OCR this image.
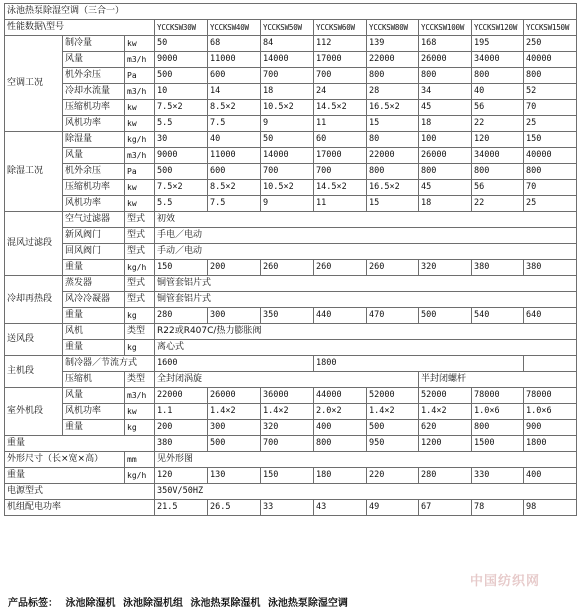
泳池热泵除湿空调（三合一）											
性能数据\型号			YCCKSW30W	YCCKSW40W	YCCKSW50W	YCCKSW60W	YCCKSW80W	YCCKSW100W	YCCKSW120W	YCCKSW150W	
空调工况	制冷量	kw	50	68	84	112	139	168	195	250	
	风量	m3/h	9000	11000	14000	17000	22000	26000	34000	40000	
	机外余压	Pa	500	600	700	700	800	800	800	800	
	冷却水流量	m3/h	10	14	18	24	28	34	40	52	
	压缩机功率	kw	7.5×2	8.5×2	10.5×2	14.5×2	16.5×2	45	56	70	
	风机功率	kw	5.5	7.5	9	11	15	18	22	25	
除湿工况	除湿量	kg/h	30	40	50	60	80	100	120	150	
	风量	m3/h	9000	11000	14000	17000	22000	26000	34000	40000	
	机外余压	Pa	500	600	700	700	800	800	800	800	
	压缩机功率	kw	7.5×2	8.5×2	10.5×2	14.5×2	16.5×2	45	56	70	
	风机功率	kw	5.5	7.5	9	11	15	18	22	25	
混风过滤段	空气过滤器	型式	初效								
	新风阀门	型式	手电／电动								
	回风阀门	型式	手动／电动								
	重量	kg/h	150	200	260	260	260	320	380	380	
冷却再热段	蒸发器	型式	铜管套铝片式								
	风冷冷凝器	型式	铜管套铝片式								
	重量	kg	280	300	350	440	470	500	540	640	
送风段	风机	类型	R22或R407C/热力膨胀阀								
	重量	kg	离心式								
主机段	制冷器／节流方式		1600			1800		
	压缩机	类型	全封闭涡旋					半封闭螺杆			
室外机段	风量	m3/h	22000	26000	36000	44000	52000	52000	78000	78000	
	风机功率	kw	1.1	1.4×2	1.4×2	2.0×2	1.4×2	1.4×2	1.0×6	1.0×6	
	重量	kg	200	300	320	400	500	620	800	900	
重量			380	500	700	800	950	1200	1500	1800	
外形尺寸（长×宽×高）		mm	见外形图								
重量		kg/h	120	130	150	180	220	280	330	400	
电源型式			350V/50HZ								
机组配电功率			21.5	26.5	33	43	49	67	78	98	
中国纺织网
产品标签： 泳池除湿机 泳池除湿机组 泳池热泵除湿机 泳池热泵除湿空调
